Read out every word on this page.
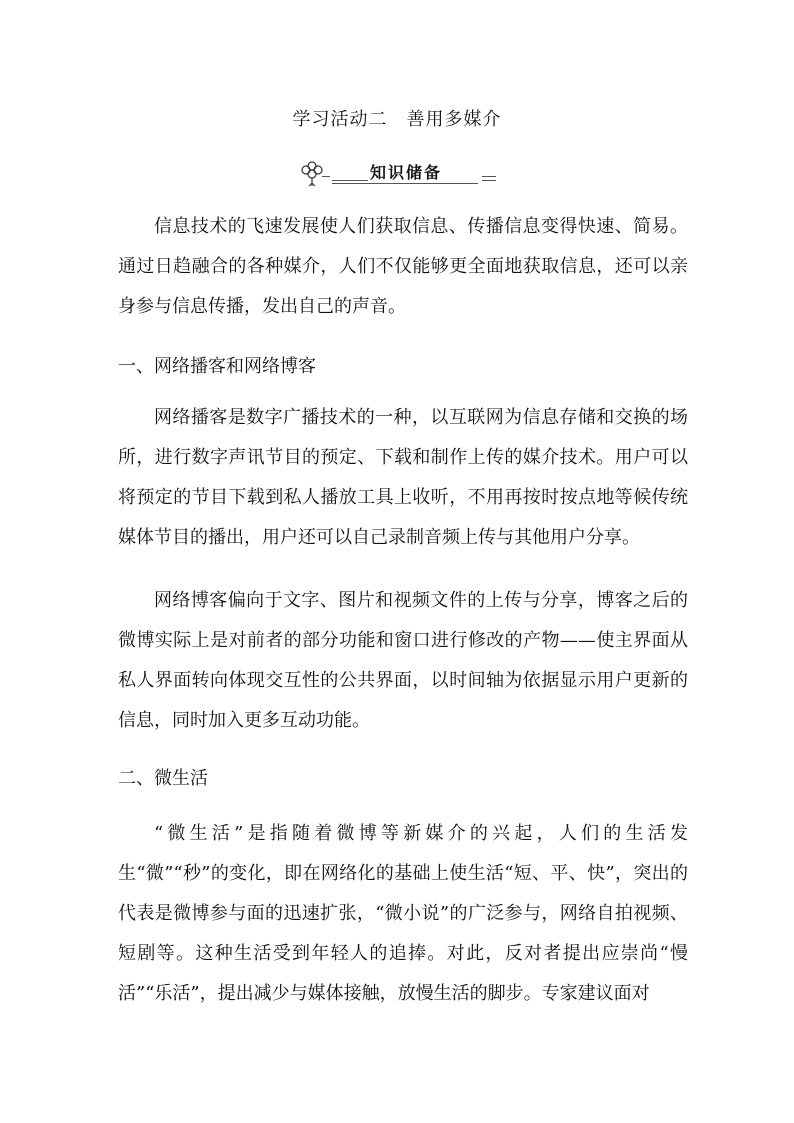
学习活动二　善用多媒介
知识储备

信息技术的飞速发展使人们获取信息、传播信息变得快速、简易。通过日趋融合的各种媒介，人们不仅能够更全面地获取信息，还可以亲身参与信息传播，发出自己的声音。

一、网络播客和网络博客

网络播客是数字广播技术的一种，以互联网为信息存储和交换的场所，进行数字声讯节目的预定、下载和制作上传的媒介技术。用户可以将预定的节目下载到私人播放工具上收听，不用再按时按点地等候传统媒体节目的播出，用户还可以自己录制音频上传与其他用户分享。

网络博客偏向于文字、图片和视频文件的上传与分享，博客之后的微博实际上是对前者的部分功能和窗口进行修改的产物——使主界面从私人界面转向体现交互性的公共界面，以时间轴为依据显示用户更新的信息，同时加入更多互动功能。

二、微生活

“微生活”是指随着微博等新媒介的兴起，人们的生活发生“微”“秒”的变化，即在网络化的基础上使生活“短、平、快”，突出的代表是微博参与面的迅速扩张，“微小说”的广泛参与，网络自拍视频、短剧等。这种生活受到年轻人的追捧。对此，反对者提出应崇尚“慢活”“乐活”，提出减少与媒体接触，放慢生活的脚步。专家建议面对
